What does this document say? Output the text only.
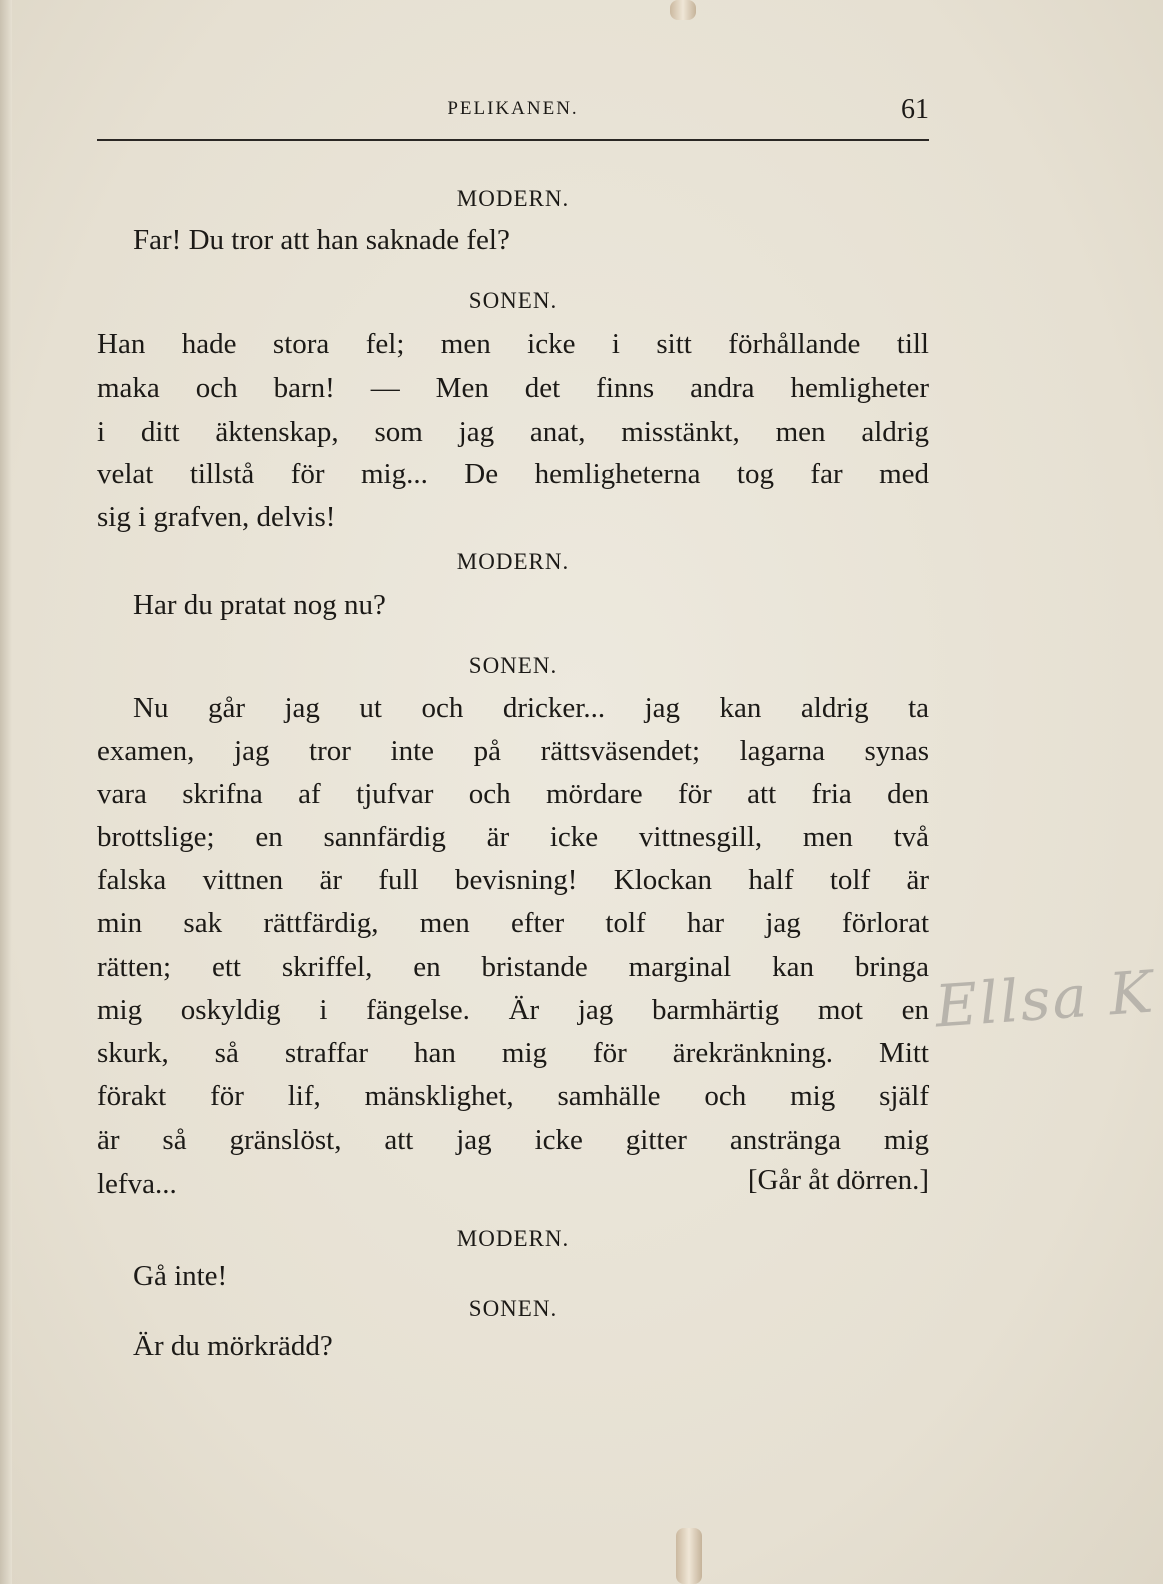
PELIKANEN.	61
MODERN.
Far! Du tror att han saknade fel?
SONEN.
Han hade stora fel; men icke i sitt förhållande till
maka och barn! — Men det finns andra hemligheter
i ditt äktenskap, som jag anat, misstänkt, men aldrig
velat tillstå för mig... De hemligheterna tog far med
sig i grafven, delvis!
MODERN.
Har du pratat nog nu?
SONEN.
Nu går jag ut och dricker... jag kan aldrig ta
examen, jag tror inte på rättsväsendet; lagarna synas
vara skrifna af tjufvar och mördare för att fria den
brottslige; en sannfärdig är icke vittnesgill, men två
falska vittnen är full bevisning! Klockan half tolf är
min sak rättfärdig, men efter tolf har jag förlorat
rätten; ett skriffel, en bristande marginal kan bringa
mig oskyldig i fängelse. Är jag barmhärtig mot en
skurk, så straffar han mig för ärekränkning. Mitt
förakt för lif, mänsklighet, samhälle och mig själf
är så gränslöst, att jag icke gitter anstränga mig
lefva...	[Går åt dörren.]
MODERN.
Gå inte!
SONEN.
Är du mörkrädd?
Ellsa K
